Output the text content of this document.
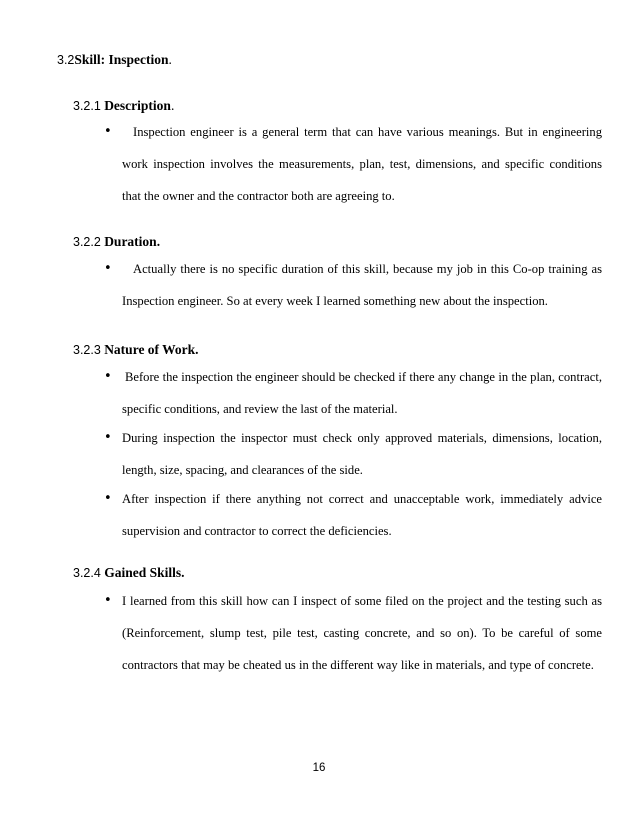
3.2Skill: Inspection.
3.2.1 Description.
•	Inspection engineer is a general term that can have various meanings. But in engineering work inspection involves the measurements, plan, test, dimensions, and specific conditions that the owner and the contractor both are agreeing to.

3.2.2 Duration.
•	Actually there is no specific duration of this skill, because my job in this Co-op training as Inspection engineer. So at every week I learned something new about the inspection.

3.2.3 Nature of Work.
• Before the inspection the engineer should be checked if there any change in the plan, contract, specific conditions, and review the last of the material.

• During inspection the inspector must check only approved materials, dimensions, location, length, size, spacing, and clearances of the side.

• After inspection if there anything not correct and unacceptable work, immediately advice supervision and contractor to correct the deficiencies.

3.2.4 Gained Skills.
• I learned from this skill how can I inspect of some filed on the project and the testing such as (Reinforcement, slump test, pile test, casting concrete, and so on). To be careful of some contractors that may be cheated us in the different way like in materials, and type of concrete.

16
